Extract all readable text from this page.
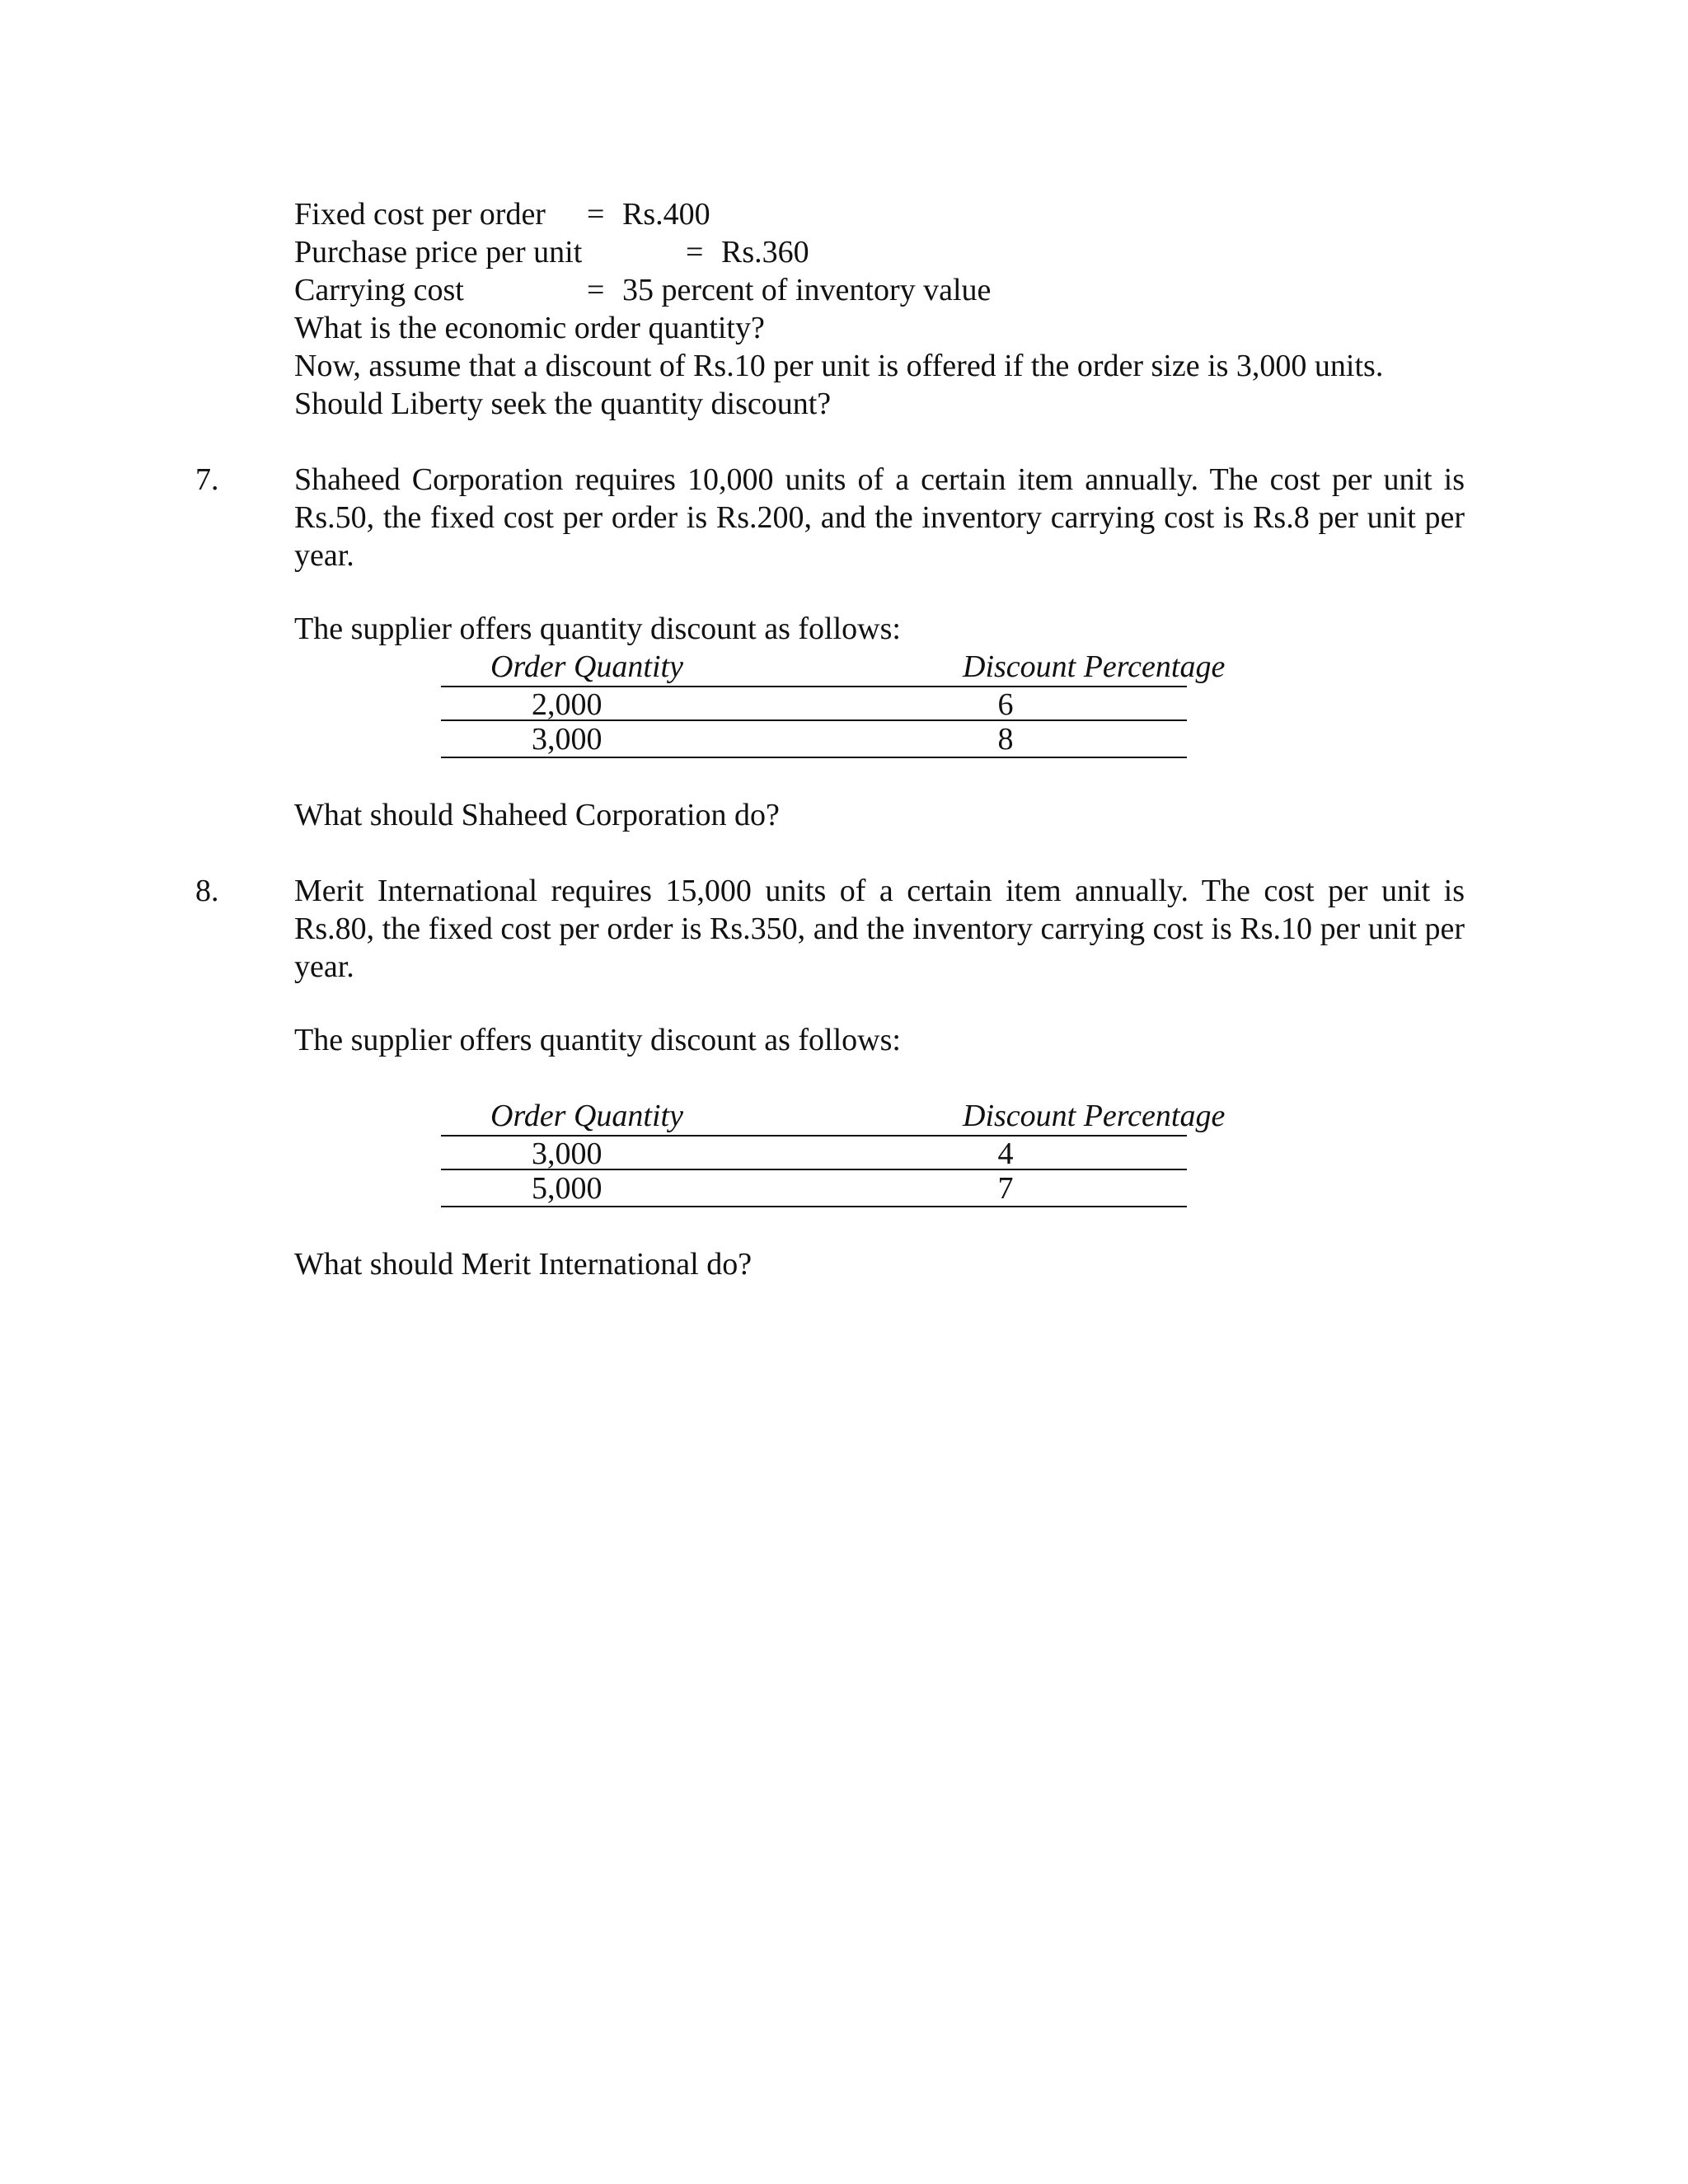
Fixed cost per order = Rs.400
Purchase price per unit	= Rs.360
Carrying cost	= 35 percent of inventory value
What is the economic order quantity?
Now, assume that a discount of Rs.10 per unit is offered if the order size is 3,000 units.
Should Liberty seek the quantity discount?
7. Shaheed Corporation requires 10,000 units of a certain item annually. The cost per unit is Rs.50, the fixed cost per order is Rs.200, and the inventory carrying cost is Rs.8 per unit per year.
The supplier offers quantity discount as follows:
Order Quantity	Discount Percentage
2,000	6
3,000	8
What should Shaheed Corporation do?
8. Merit International requires 15,000 units of a certain item annually. The cost per unit is Rs.80, the fixed cost per order is Rs.350, and the inventory carrying cost is Rs.10 per unit per year.
The supplier offers quantity discount as follows:
Order Quantity	Discount Percentage
3,000	4
5,000	7
What should Merit International do?
